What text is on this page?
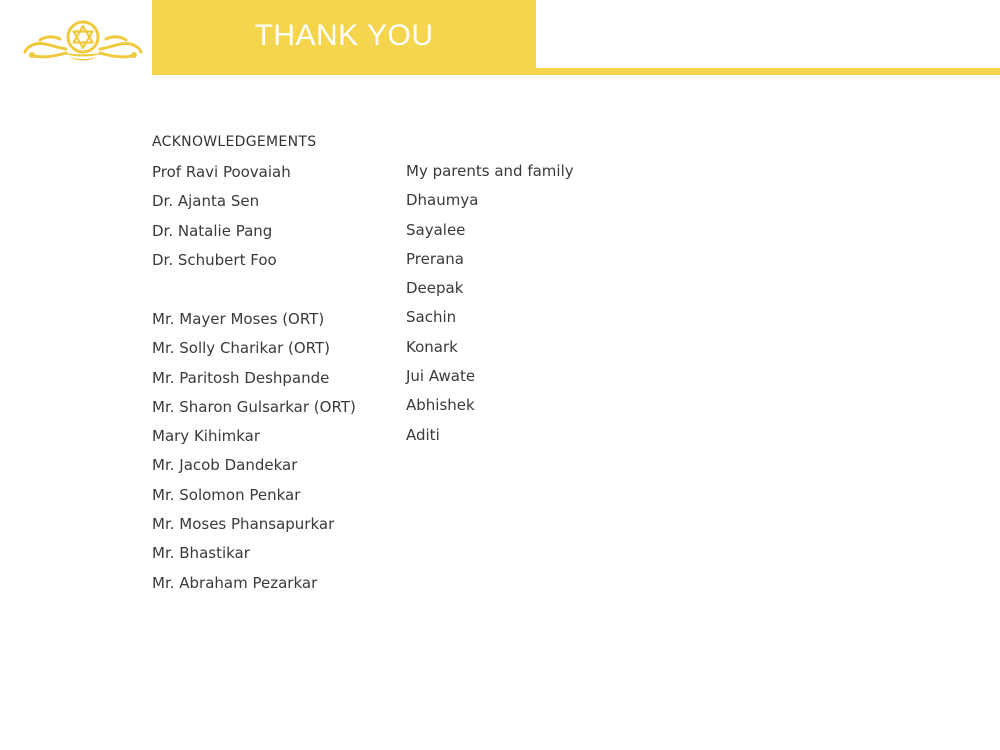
THANK YOU
ACKNOWLEDGEMENTS
Prof Ravi Poovaiah
Dr. Ajanta Sen
Dr. Natalie Pang
Dr. Schubert Foo
Mr. Mayer Moses (ORT)
Mr. Solly Charikar (ORT)
Mr. Paritosh Deshpande
Mr. Sharon Gulsarkar (ORT)
Mary Kihimkar
Mr. Jacob Dandekar
Mr. Solomon Penkar
Mr. Moses Phansapurkar
Mr. Bhastikar
Mr. Abraham Pezarkar
My parents and family
Dhaumya
Sayalee
Prerana
Deepak
Sachin
Konark
Jui Awate
Abhishek
Aditi
